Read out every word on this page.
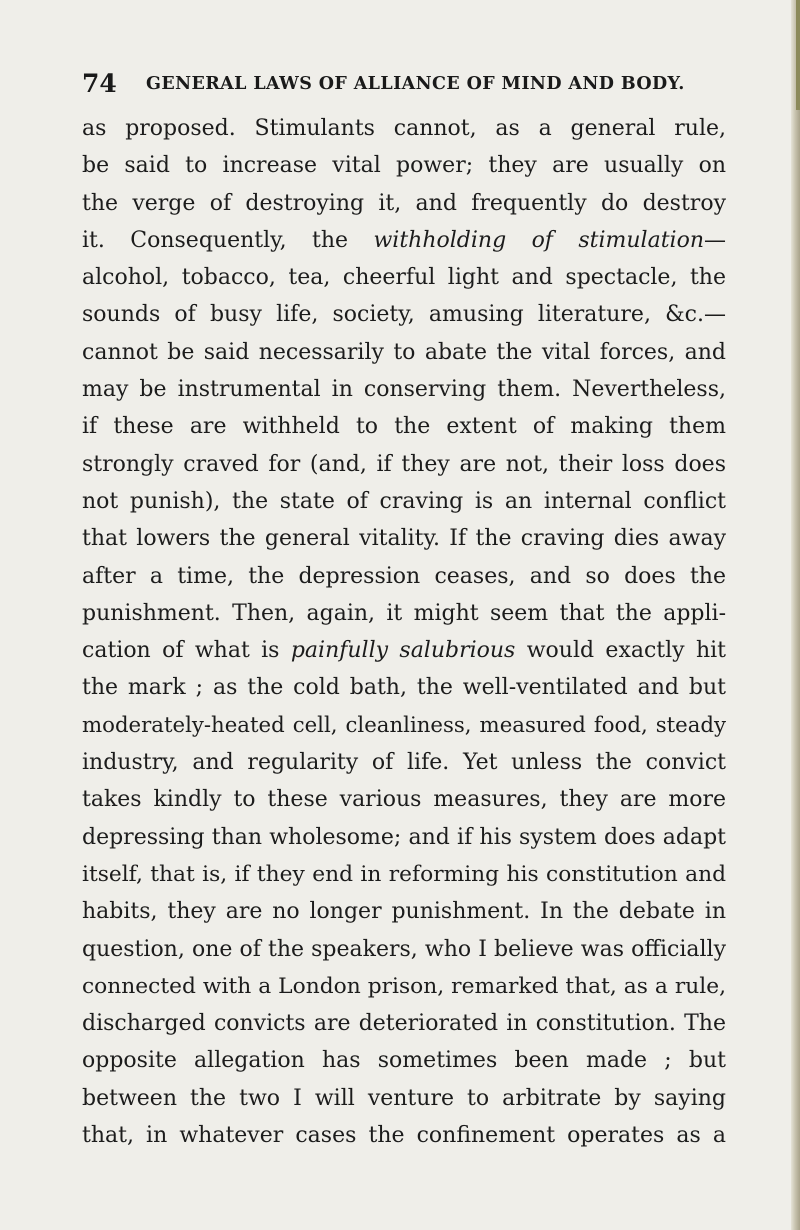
74 GENERAL LAWS OF ALLIANCE OF MIND AND BODY.
as proposed. Stimulants cannot, as a general rule,
be said to increase vital power; they are usually on
the verge of destroying it, and frequently do destroy
it. Consequently, the withholding of stimulation—
alcohol, tobacco, tea, cheerful light and spectacle, the
sounds of busy life, society, amusing literature, &c.—
cannot be said necessarily to abate the vital forces, and
may be instrumental in conserving them. Nevertheless,
if these are withheld to the extent of making them
strongly craved for (and, if they are not, their loss does
not punish), the state of craving is an internal conflict
that lowers the general vitality. If the craving dies away
after a time, the depression ceases, and so does the
punishment. Then, again, it might seem that the appli-
cation of what is painfully salubrious would exactly hit
the mark ; as the cold bath, the well-ventilated and but
moderately-heated cell, cleanliness, measured food, steady
industry, and regularity of life. Yet unless the convict
takes kindly to these various measures, they are more
depressing than wholesome; and if his system does adapt
itself, that is, if they end in reforming his constitution and
habits, they are no longer punishment. In the debate in
question, one of the speakers, who I believe was officially
connected with a London prison, remarked that, as a rule,
discharged convicts are deteriorated in constitution. The
opposite allegation has sometimes been made ; but
between the two I will venture to arbitrate by saying
that, in whatever cases the confinement operates as a
